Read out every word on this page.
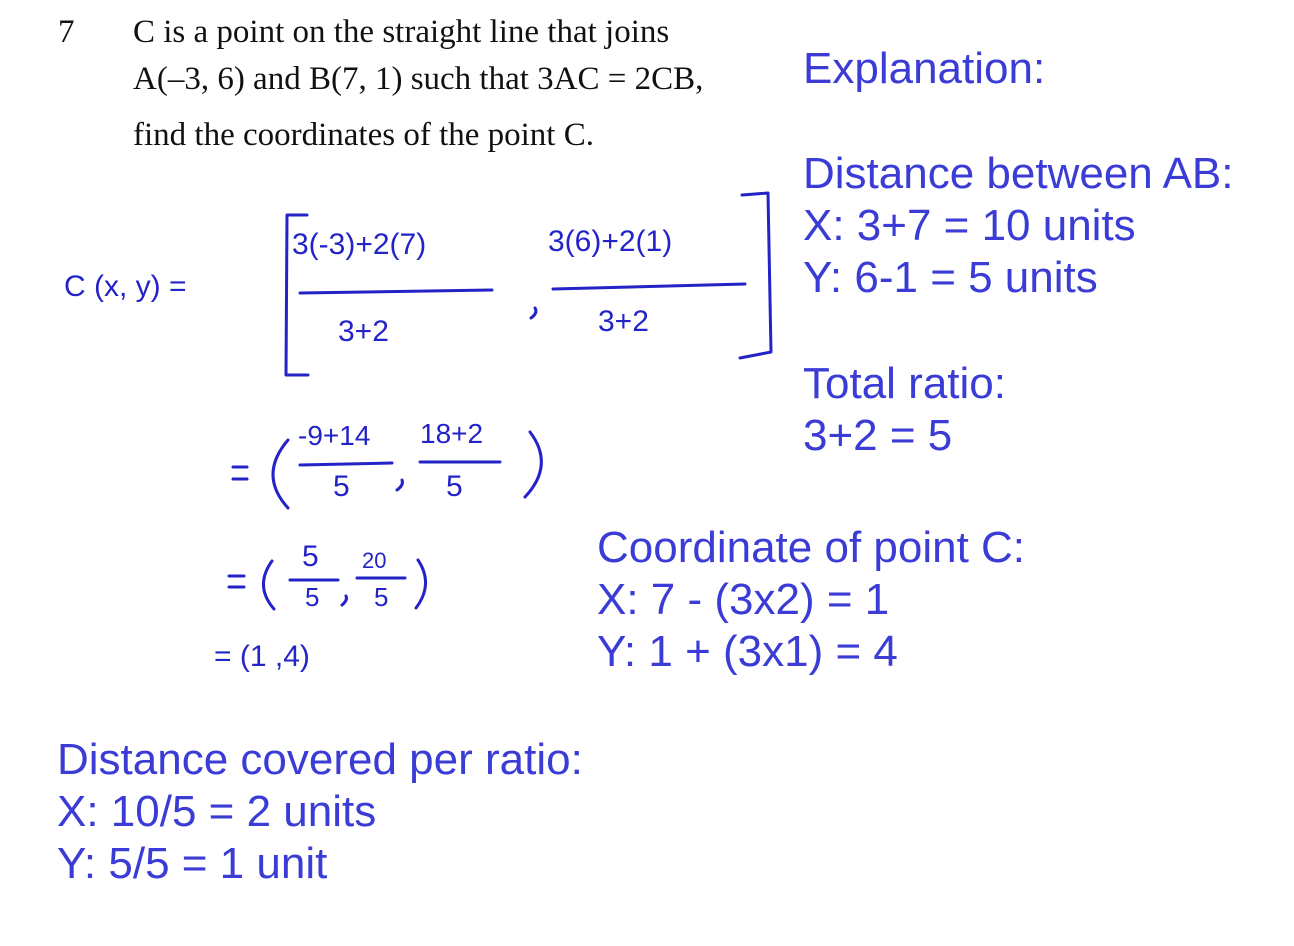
7 C is a point on the straight line that joins
A(–3, 6) and B(7, 1) such that 3AC = 2CB,
find the coordinates of the point C.
Explanation:
Distance between AB:
X: 3+7 = 10 units
Y: 6-1 = 5 units
Total ratio:
3+2 = 5
Coordinate of point C:
X: 7 - (3x2) = 1
Y: 1 + (3x1) = 4
Distance covered per ratio:
X: 10/5 = 2 units
Y: 5/5 = 1 unit
C (x, y) =
3(-3)+2(7)
3+2
3(6)+2(1)
3+2
-9+14 18+2
5	5
5 20
5 5
= (1 ,4)
